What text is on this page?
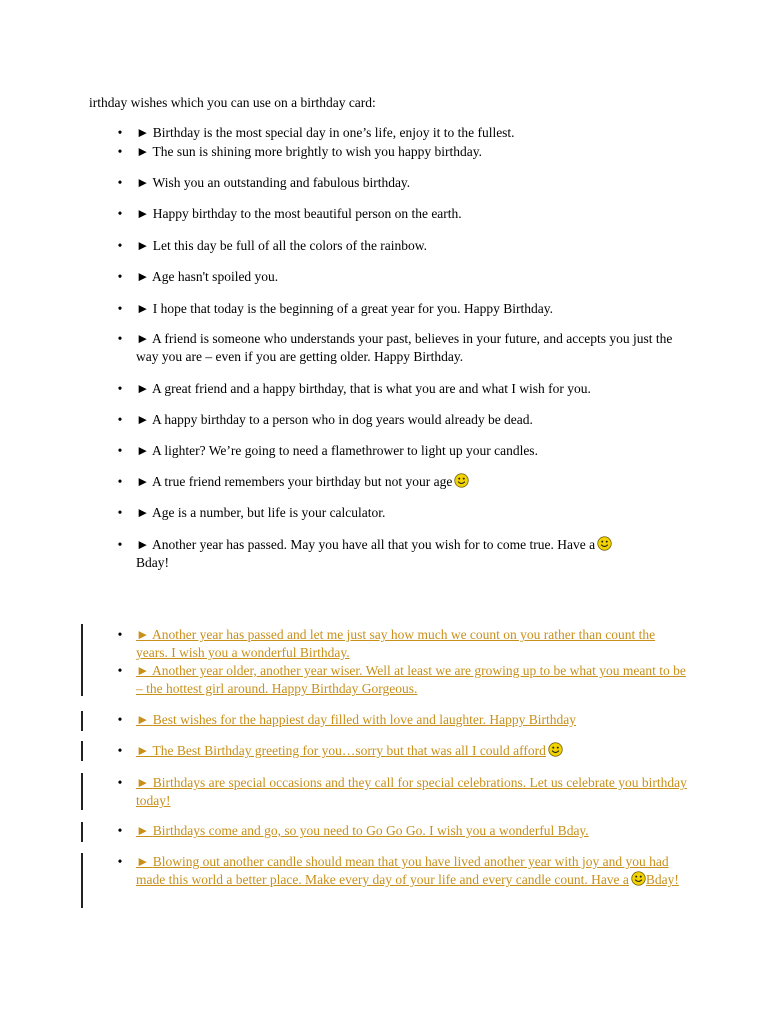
irthday wishes which you can use on a birthday card:
• ► Birthday is the most special day in one’s life, enjoy it to the fullest.
• ► The sun is shining more brightly to wish you happy birthday.
• ► Wish you an outstanding and fabulous birthday.
• ► Happy birthday to the most beautiful person on the earth.
• ► Let this day be full of all the colors of the rainbow.
• ► Age hasn't spoiled you.
• ► I hope that today is the beginning of a great year for you. Happy Birthday.
• ► A friend is someone who understands your past, believes in your future, and accepts you just the way you are – even if you are getting older. Happy Birthday.
• ► A great friend and a happy birthday, that is what you are and what I wish for you.
• ► A happy birthday to a person who in dog years would already be dead.
• ► A lighter? We’re going to need a flamethrower to light up your candles.
• ► A true friend remembers your birthday but not your age
• ► Age is a number, but life is your calculator.
• ► Another year has passed. May you have all that you wish for to come true. Have a
Bday!
• ► Another year has passed and let me just say how much we count on you rather than count the years. I wish you a wonderful Birthday.
• ► Another year older, another year wiser. Well at least we are growing up to be what you meant to be – the hottest girl around. Happy Birthday Gorgeous.
• ► Best wishes for the happiest day filled with love and laughter. Happy Birthday
• ► The Best Birthday greeting for you…sorry but that was all I could afford
• ► Birthdays are special occasions and they call for special celebrations. Let us celebrate you birthday today!
• ► Birthdays come and go, so you need to Go Go Go. I wish you a wonderful Bday.
• ► Blowing out another candle should mean that you have lived another year with joy and you had made this world a better place. Make every day of your life and every candle count. Have a Bday!
